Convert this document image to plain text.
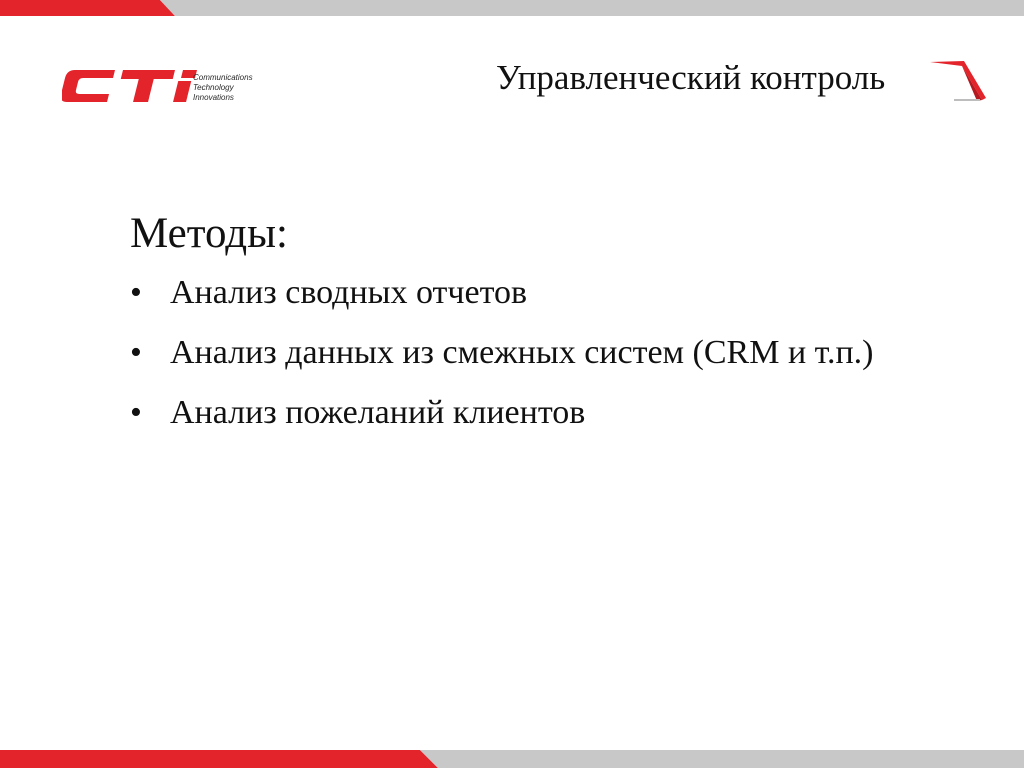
Communications
Technology
Innovations
Управленческий контроль
Методы:
• Анализ сводных отчетов
• Анализ данных из смежных систем (CRM и т.п.)
• Анализ пожеланий клиентов
